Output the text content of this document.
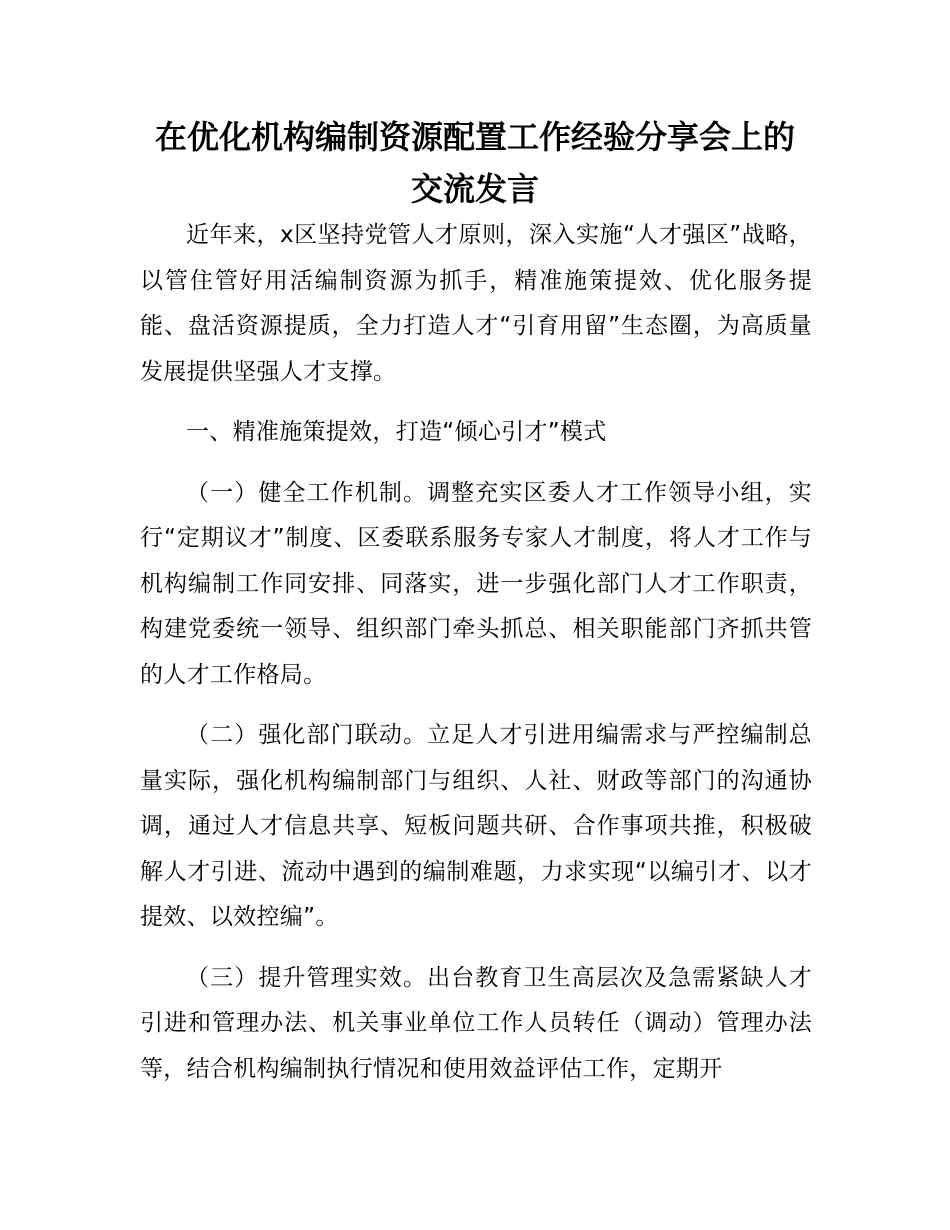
在优化机构编制资源配置工作经验分享会上的
交流发言

近年来，x区坚持党管人才原则，深入实施“人才强区”战略，以管住管好用活编制资源为抓手，精准施策提效、优化服务提能、盘活资源提质，全力打造人才“引育用留”生态圈，为高质量发展提供坚强人才支撑。

一、精准施策提效，打造“倾心引才”模式

（一）健全工作机制。调整充实区委人才工作领导小组，实行“定期议才”制度、区委联系服务专家人才制度，将人才工作与机构编制工作同安排、同落实，进一步强化部门人才工作职责，构建党委统一领导、组织部门牵头抓总、相关职能部门齐抓共管的人才工作格局。

（二）强化部门联动。立足人才引进用编需求与严控编制总量实际，强化机构编制部门与组织、人社、财政等部门的沟通协调，通过人才信息共享、短板问题共研、合作事项共推，积极破解人才引进、流动中遇到的编制难题，力求实现“以编引才、以才提效、以效控编”。

（三）提升管理实效。出台教育卫生高层次及急需紧缺人才引进和管理办法、机关事业单位工作人员转任（调动）管理办法等，结合机构编制执行情况和使用效益评估工作，定期开
